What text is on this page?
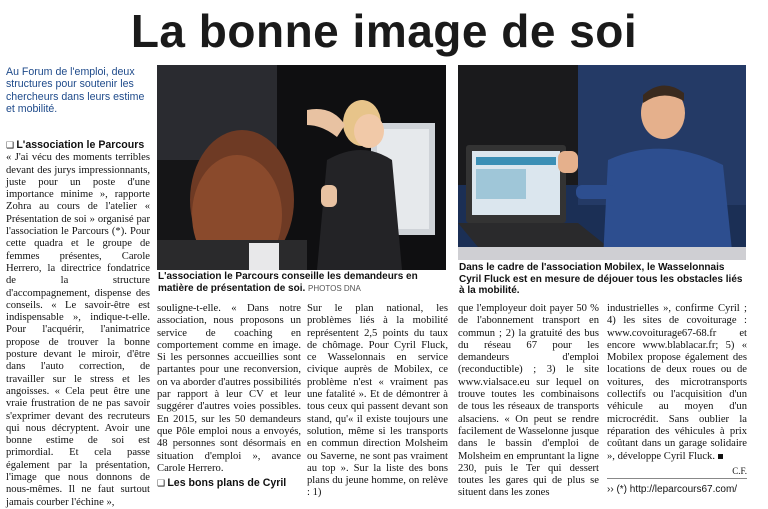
La bonne image de soi
Au Forum de l'emploi, deux structures pour soutenir les chercheurs dans leurs estime et mobilité.
L'association le Parcours conseille les demandeurs en matière de présentation de soi. PHOTOS DNA
Dans le cadre de l'association Mobilex, le Wasselonnais Cyril Fluck est en mesure de déjouer tous les obstacles liés à la mobilité.

❑ L'association le Parcours

« J'ai vécu des moments terribles devant des jurys impressionnants, juste pour un poste d'une importance minime », rapporte Zohra au cours de l'atelier « Présentation de soi » organisé par l'association le Parcours (*). Pour cette quadra et le groupe de femmes présentes, Carole Herrero, la directrice fondatrice de la structure d'accompagnement, dispense des conseils. « Le savoir-être est indispensable », indique-t-elle. Pour l'acquérir, l'animatrice propose de trouver la bonne posture devant le miroir, d'être dans l'auto correction, de travailler sur le stress et les angoisses. « Cela peut être une vraie frustration de ne pas savoir s'exprimer devant des recruteurs qui nous décryptent. Avoir une bonne estime de soi est primordial. Et cela passe également par la présentation, l'image que nous donnons de nous-mêmes. Il ne faut surtout jamais courber l'échine »,

souligne-t-elle. « Dans notre association, nous proposons un service de coaching en comportement comme en image. Si les personnes accueillies sont partantes pour une reconversion, on va aborder d'autres possibilités par rapport à leur CV et leur suggérer d'autres voies possibles. En 2015, sur les 50 demandeurs que Pôle emploi nous a envoyés, 48 personnes sont désormais en situation d'emploi », avance Carole Herrero.

❑ Les bons plans de Cyril

Sur le plan national, les problèmes liés à la mobilité représentent 2,5 points du taux de chômage. Pour Cyril Fluck, ce Wasselonnais en service civique auprès de Mobilex, ce problème n'est « vraiment pas une fatalité ». Et de démontrer à tous ceux qui passent devant son stand, qu'« il existe toujours une solution, même si les transports en commun direction Molsheim ou Saverne, ne sont pas vraiment au top ». Sur la liste des bons plans du jeune homme, on relève : 1)

que l'employeur doit payer 50 % de l'abonnement transport en commun ; 2) la gratuité des bus du réseau 67 pour les demandeurs d'emploi (reconductible) ; 3) le site www.vialsace.eu sur lequel on trouve toutes les combinaisons de tous les réseaux de transports alsaciens. « On peut se rendre facilement de Wasselonne jusque dans le bassin d'emploi de Molsheim en empruntant la ligne 230, puis le Ter qui dessert toutes les gares qui de plus se situent dans les zones

industrielles », confirme Cyril ; 4) les sites de covoiturage : www.covoiturage67-68.fr et encore www.blablacar.fr; 5) « Mobilex propose également des locations de deux roues ou de voitures, des microtransports collectifs ou l'acquisition d'un véhicule au moyen d'un microcrédit. Sans oublier la réparation des véhicules à prix coûtant dans un garage solidaire », développe Cyril Fluck.

C.F.

›› (*) http://leparcours67.com/
